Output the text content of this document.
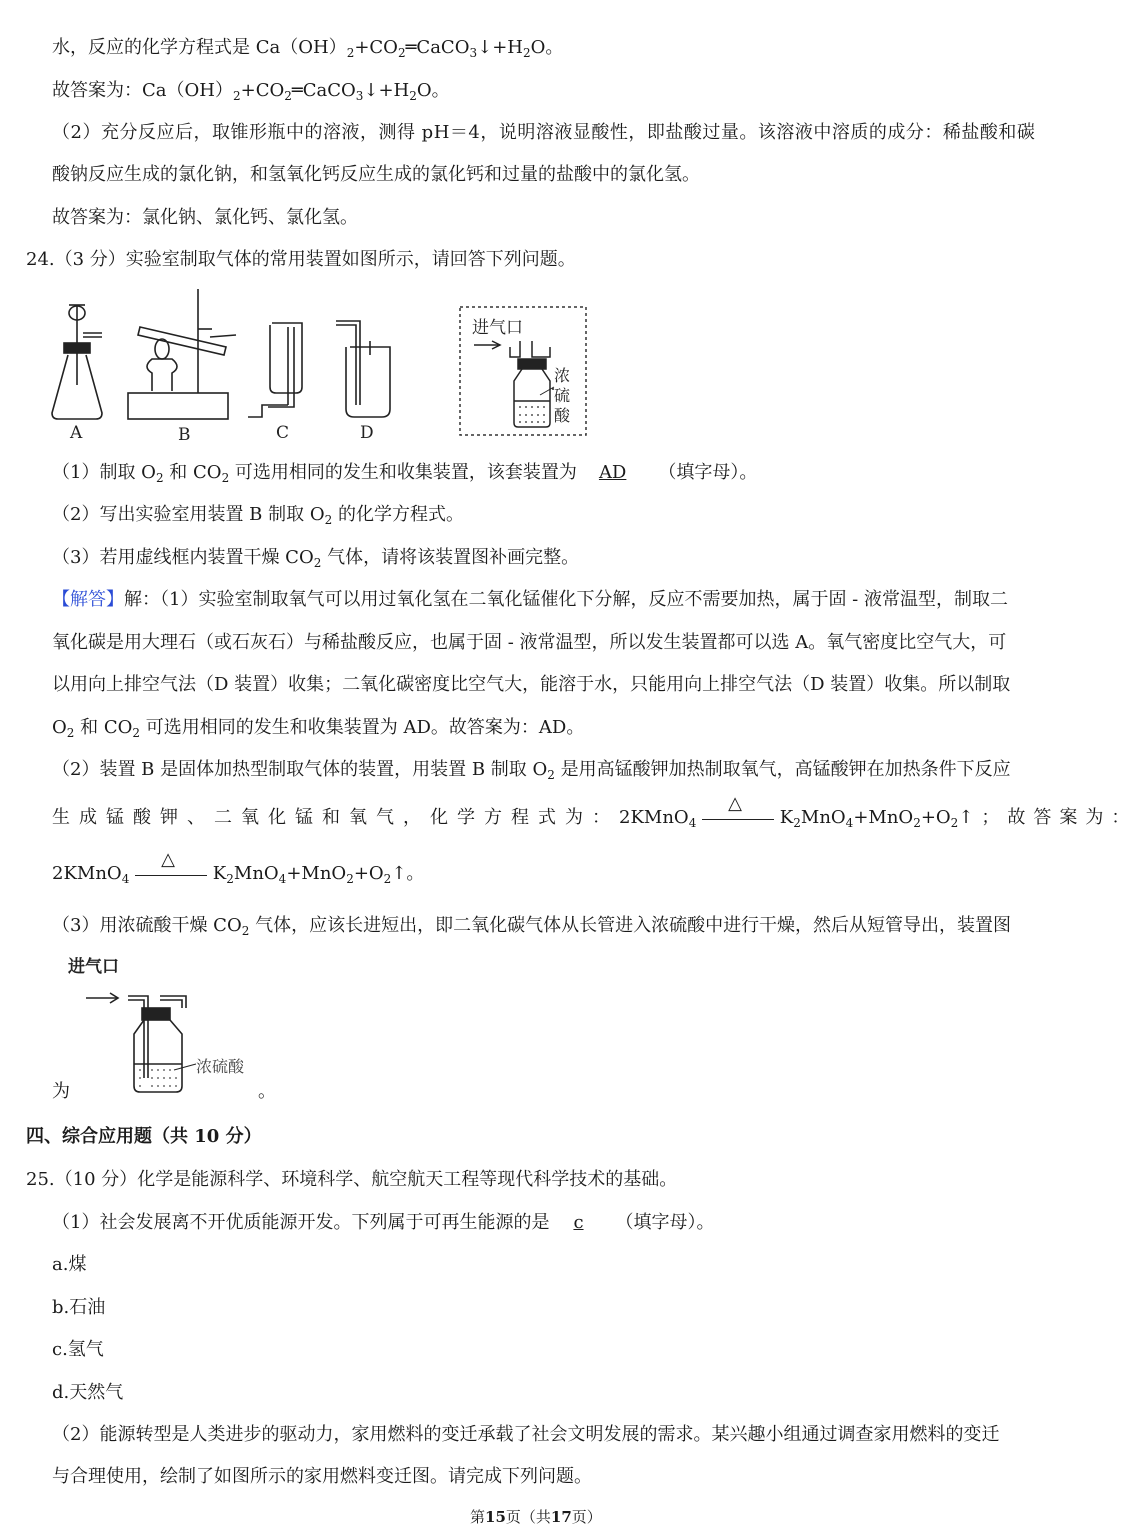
水，反应的化学方程式是 $Ca(OH)_2+CO_2═CaCO_3↓+H_2O$。
故答案为：$Ca(OH)_2+CO_2═CaCO_3↓+H_2O$。
（2）充分反应后，取锥形瓶中的溶液，测得 pH＝4，说明溶液显酸性，即盐酸过量。该溶液中溶质的成分：稀盐酸和碳
酸钠反应生成的氯化钠，和氢氧化钙反应生成的氯化钙和过量的盐酸中的氯化氢。
故答案为：氯化钠、氯化钙、氯化氢。
24.（3 分）实验室制取气体的常用装置如图所示，请回答下列问题。
A	B	C	D
进气口
浓
硫
酸
（1）制取 $O_2$ 和 $CO_2$ 可选用相同的发生和收集装置，该套装置为 AD （填字母）。
（2）写出实验室用装置 B 制取 $O_2$ 的化学方程式。
（3）若用虚线框内装置干燥 $CO_2$ 气体，请将该装置图补画完整。
【解答】解：（1）实验室制取氧气可以用过氧化氢在二氧化锰催化下分解，反应不需要加热，属于固 - 液常温型，制取二
氧化碳是用大理石（或石灰石）与稀盐酸反应，也属于固 - 液常温型，所以发生装置都可以选 A。氧气密度比空气大，可
以用向上排空气法（D 装置）收集；二氧化碳密度比空气大，能溶于水，只能用向上排空气法（D 装置）收集。所以制取
$O_2$ 和 $CO_2$ 可选用相同的发生和收集装置为 AD。故答案为：AD。
（2）装置 B 是固体加热型制取气体的装置，用装置 B 制取 $O_2$ 是用高锰酸钾加热制取氧气，高锰酸钾在加热条件下反应
生成锰酸钾、二氧化锰和氧气，化学方程式为：2KMnO$_4$
△
$K_2MnO_4+MnO_2+O_2↑$；故答案为：
2KMnO$_4$
△
$K_2MnO_4+MnO_2+O_2↑$。
（3）用浓硫酸干燥 $CO_2$ 气体，应该长进短出，即二氧化碳气体从长管进入浓硫酸中进行干燥，然后从短管导出，装置图
进气口
浓硫酸
为	。
四、综合应用题（共 10 分）
25.（10 分）化学是能源科学、环境科学、航空航天工程等现代科学技术的基础。
（1）社会发展离不开优质能源开发。下列属于可再生能源的是 c （填字母）。
a.煤
b.石油
c.氢气
d.天然气
（2）能源转型是人类进步的驱动力，家用燃料的变迁承载了社会文明发展的需求。某兴趣小组通过调查家用燃料的变迁
与合理使用，绘制了如图所示的家用燃料变迁图。请完成下列问题。
第15页（共17页）
